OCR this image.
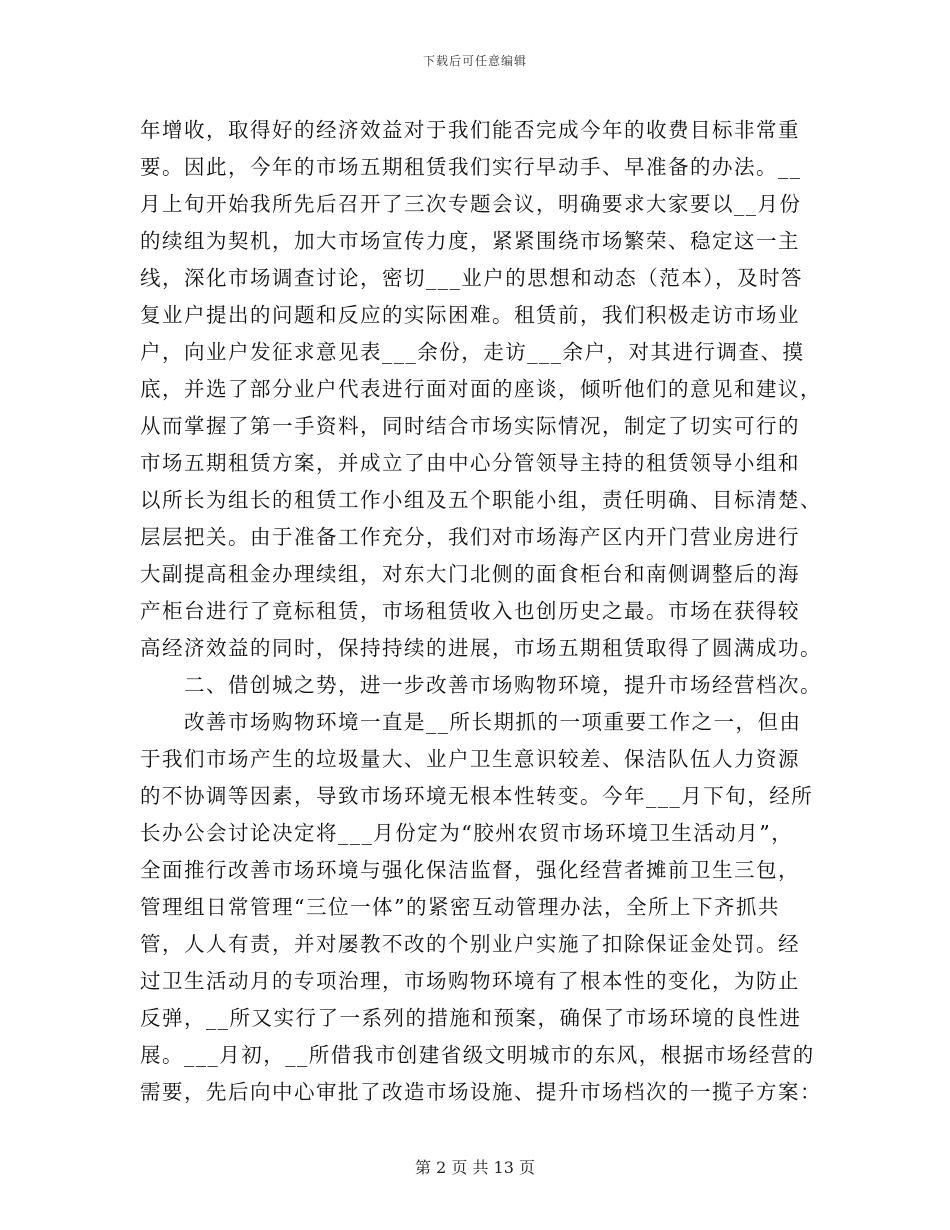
下载后可任意编辑
年增收，取得好的经济效益对于我们能否完成今年的收费目标非常重
要。因此，今年的市场五期租赁我们实行早动手、早准备的办法。__
月上旬开始我所先后召开了三次专题会议，明确要求大家要以__月份
的续组为契机，加大市场宣传力度，紧紧围绕市场繁荣、稳定这一主
线，深化市场调查讨论，密切___业户的思想和动态（范本），及时答
复业户提出的问题和反应的实际困难。租赁前，我们积极走访市场业
户，向业户发征求意见表___余份，走访___余户，对其进行调查、摸
底，并选了部分业户代表进行面对面的座谈，倾听他们的意见和建议，
从而掌握了第一手资料，同时结合市场实际情况，制定了切实可行的
市场五期租赁方案，并成立了由中心分管领导主持的租赁领导小组和
以所长为组长的租赁工作小组及五个职能小组，责任明确、目标清楚、
层层把关。由于准备工作充分，我们对市场海产区内开门营业房进行
大副提高租金办理续组，对东大门北侧的面食柜台和南侧调整后的海
产柜台进行了竟标租赁，市场租赁收入也创历史之最。市场在获得较
高经济效益的同时，保持持续的进展，市场五期租赁取得了圆满成功。
二、借创城之势，进一步改善市场购物环境，提升市场经营档次。
改善市场购物环境一直是__所长期抓的一项重要工作之一，但由
于我们市场产生的垃圾量大、业户卫生意识较差、保洁队伍人力资源
的不协调等因素，导致市场环境无根本性转变。今年___月下旬，经所
长办公会讨论决定将___月份定为“胶州农贸市场环境卫生活动月”，
全面推行改善市场环境与强化保洁监督，强化经营者摊前卫生三包，
管理组日常管理“三位一体”的紧密互动管理办法，全所上下齐抓共
管，人人有责，并对屡教不改的个别业户实施了扣除保证金处罚。经
过卫生活动月的专项治理，市场购物环境有了根本性的变化，为防止
反弹，__所又实行了一系列的措施和预案，确保了市场环境的良性进
展。___月初，__所借我市创建省级文明城市的东风，根据市场经营的
需要，先后向中心审批了改造市场设施、提升市场档次的一揽子方案：
第 2 页 共 13 页
